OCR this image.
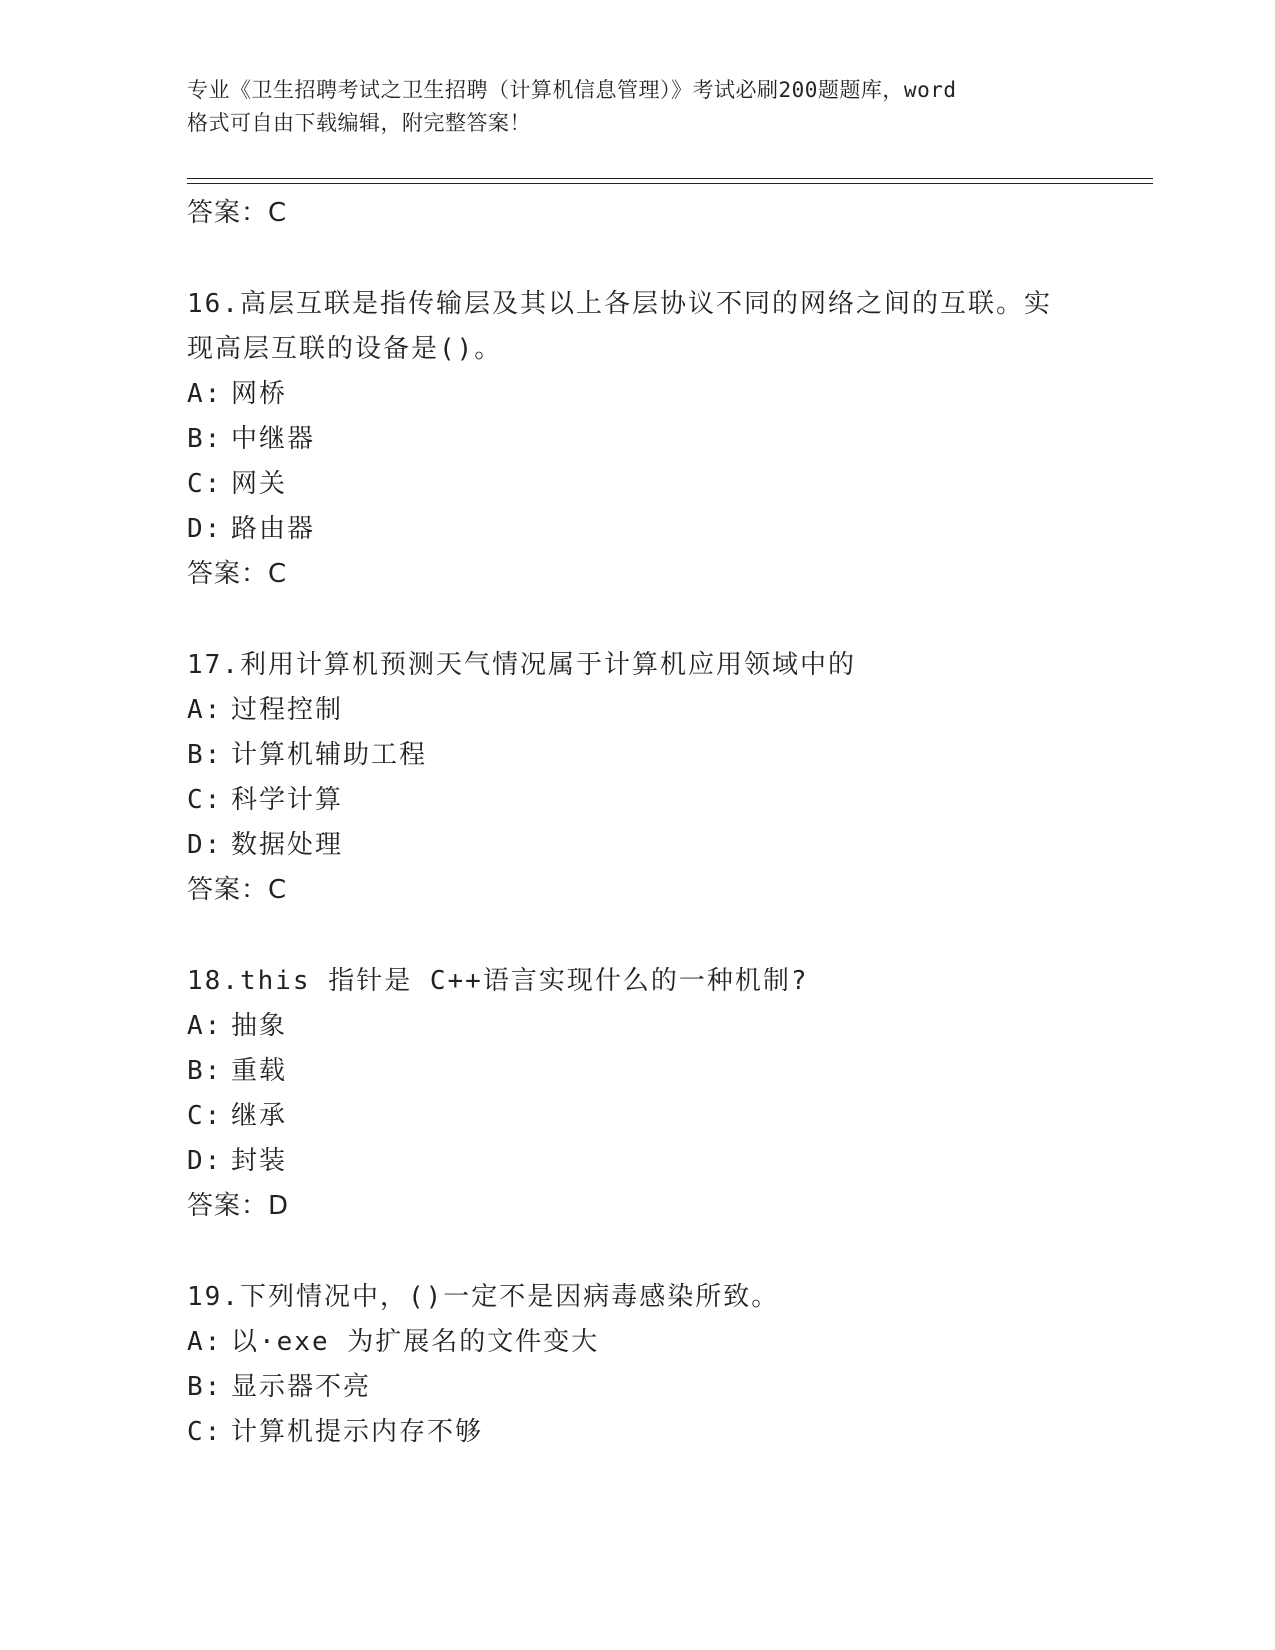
专业《卫生招聘考试之卫生招聘（计算机信息管理）》考试必刷200题题库，word
格式可自由下载编辑，附完整答案！
答案：C
16.高层互联是指传输层及其以上各层协议不同的网络之间的互联。实
现高层互联的设备是()。
A: 网桥
B: 中继器
C: 网关
D: 路由器
答案：C
17.利用计算机预测天气情况属于计算机应用领域中的
A: 过程控制
B: 计算机辅助工程
C: 科学计算
D: 数据处理
答案：C
18.this 指针是 C++语言实现什么的一种机制?
A: 抽象
B: 重载
C: 继承
D: 封装
答案：D
19.下列情况中，()一定不是因病毒感染所致。
A: 以·exe 为扩展名的文件变大
B: 显示器不亮
C: 计算机提示内存不够
